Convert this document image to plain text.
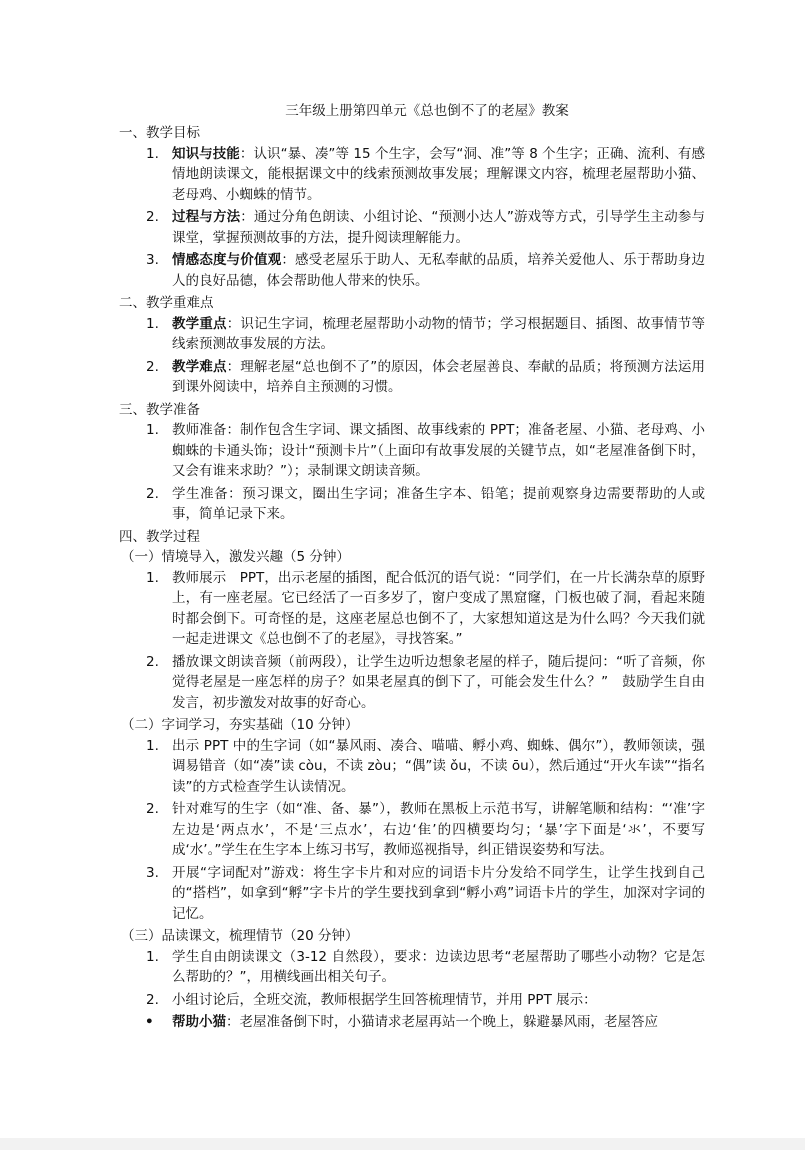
三年级上册第四单元《总也倒不了的老屋》教案
一、教学目标
1. 知识与技能：认识“暴、凑”等 15 个生字，会写“洞、准”等 8 个生字；正确、流利、有感情地朗读课文，能根据课文中的线索预测故事发展；理解课文内容，梳理老屋帮助小猫、老母鸡、小蜘蛛的情节。
2. 过程与方法：通过分角色朗读、小组讨论、“预测小达人”游戏等方式，引导学生主动参与课堂，掌握预测故事的方法，提升阅读理解能力。
3. 情感态度与价值观：感受老屋乐于助人、无私奉献的品质，培养关爱他人、乐于帮助身边人的良好品德，体会帮助他人带来的快乐。
二、教学重难点
1. 教学重点：识记生字词，梳理老屋帮助小动物的情节；学习根据题目、插图、故事情节等线索预测故事发展的方法。
2. 教学难点：理解老屋“总也倒不了”的原因，体会老屋善良、奉献的品质；将预测方法运用到课外阅读中，培养自主预测的习惯。
三、教学准备
1. 教师准备：制作包含生字词、课文插图、故事线索的 PPT；准备老屋、小猫、老母鸡、小蜘蛛的卡通头饰；设计“预测卡片”（上面印有故事发展的关键节点，如“老屋准备倒下时，又会有谁来求助？”）；录制课文朗读音频。
2. 学生准备：预习课文，圈出生字词；准备生字本、铅笔；提前观察身边需要帮助的人或事，简单记录下来。
四、教学过程
（一）情境导入，激发兴趣（5 分钟）
1. 教师展示　PPT，出示老屋的插图，配合低沉的语气说：“同学们，在一片长满杂草的原野上，有一座老屋。它已经活了一百多岁了，窗户变成了黑窟窿，门板也破了洞，看起来随时都会倒下。可奇怪的是，这座老屋总也倒不了，大家想知道这是为什么吗？今天我们就一起走进课文《总也倒不了的老屋》，寻找答案。”
2. 播放课文朗读音频（前两段），让学生边听边想象老屋的样子，随后提问：“听了音频，你觉得老屋是一座怎样的房子？如果老屋真的倒下了，可能会发生什么？”　鼓励学生自由发言，初步激发对故事的好奇心。
（二）字词学习，夯实基础（10 分钟）
1. 出示 PPT 中的生字词（如“暴风雨、凑合、喵喵、孵小鸡、蜘蛛、偶尔”），教师领读，强调易错音（如“凑”读 còu，不读 zòu；“偶”读 ǒu，不读 ōu），然后通过“开火车读”“指名读”的方式检查学生认读情况。
2. 针对难写的生字（如“准、备、暴”），教师在黑板上示范书写，讲解笔顺和结构：“‘准’字左边是‘两点水’，不是‘三点水’，右边‘隹’的四横要均匀；‘暴’字下面是‘氺’，不要写成‘水’。”学生在生字本上练习书写，教师巡视指导，纠正错误姿势和写法。
3. 开展“字词配对”游戏：将生字卡片和对应的词语卡片分发给不同学生，让学生找到自己的“搭档”，如拿到“孵”字卡片的学生要找到拿到“孵小鸡”词语卡片的学生，加深对字词的记忆。
（三）品读课文，梳理情节（20 分钟）
1. 学生自由朗读课文（3-12 自然段），要求：边读边思考“老屋帮助了哪些小动物？它是怎么帮助的？”，用横线画出相关句子。
2. 小组讨论后，全班交流，教师根据学生回答梳理情节，并用 PPT 展示：
• 帮助小猫：老屋准备倒下时，小猫请求老屋再站一个晚上，躲避暴风雨，老屋答应
